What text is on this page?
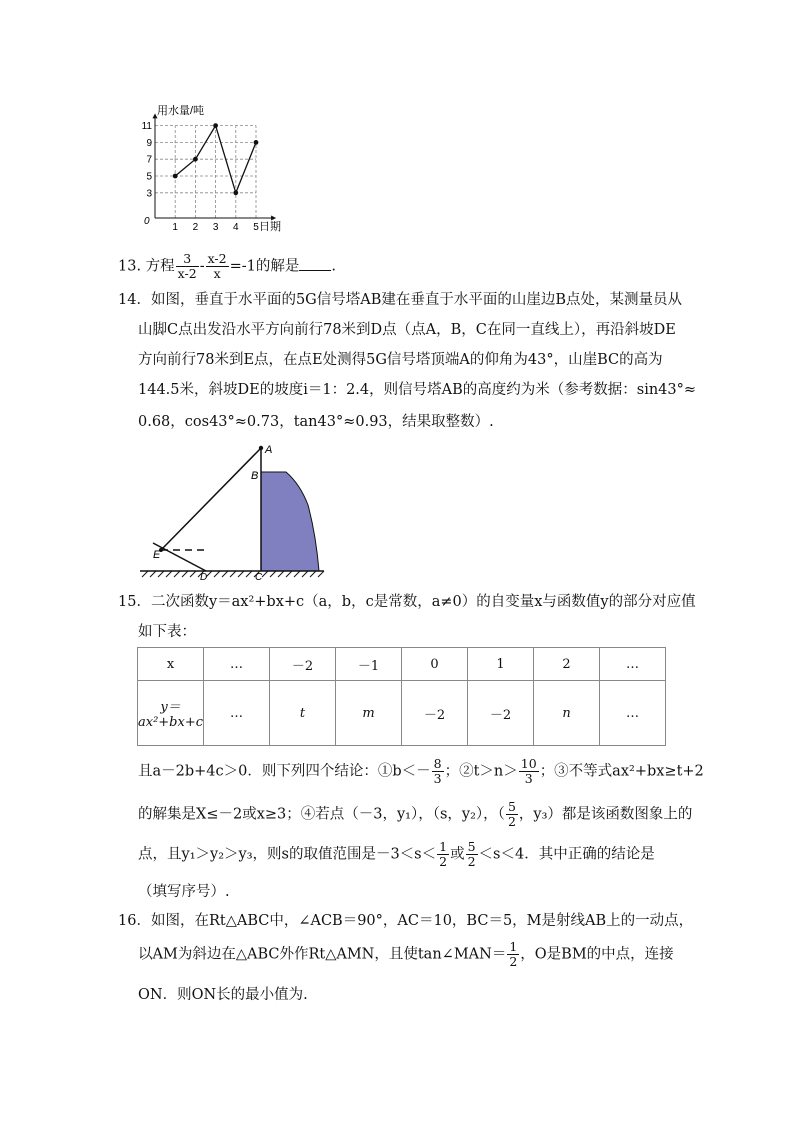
3
5
7
9
11
1 2 3 4 5
用水量/吨
日期
0
13. 方程 $\frac{3}{x-2} - \frac{x-2}{x} =-1$的解是 .
14．如图，垂直于水平面的5G信号塔AB建在垂直于水平面的山崖边B点处，某测量员从
山脚C点出发沿水平方向前行78米到D点（点A，B，C在同一直线上），再沿斜坡DE
方向前行78米到E点，在点E处测得5G信号塔顶端A的仰角为43°，山崖BC的高为
144.5米，斜坡DE的坡度i＝1：2.4，则信号塔AB的高度约为米（参考数据：sin43°≈
0.68，cos43°≈0.73，tan43°≈0.93，结果取整数）.
A
B
C
D
E
15．二次函数y＝ax²+bx+c（a，b，c是常数，a≠0）的自变量x与函数值y的部分对应值
如下表：
x	…	－2	－1	0	1	2	…
y＝
ax²+bx+c	…	t	m	－2	－2	n	…
且a－2b+4c＞0．则下列四个结论：①b＜－ $\frac{8}{3}$ ；②t＞n＞ $\frac{10}{3}$ ；③不等式ax²+bx≥t+2
的解集是X≤－2或x≥3；④若点（－3，y₁），（s，y₂），（ $\frac{5}{2}$ ，y₃）都是该函数图象上的
点，且y₁＞y₂＞y₃，则s的取值范围是$-3<s< \frac{1}{2}$ 或 $\frac{5}{2} <s<4$．其中正确的结论是
（填写序号）.
16．如图，在Rt△ABC中，∠ACB＝90°，AC＝10，BC＝5，M是射线AB上的一动点，
以AM为斜边在△ABC外作Rt△AMN，且使tan∠MAN＝ $\frac{1}{2}$ ，O是BM的中点，连接
ON．则ON长的最小值为.
